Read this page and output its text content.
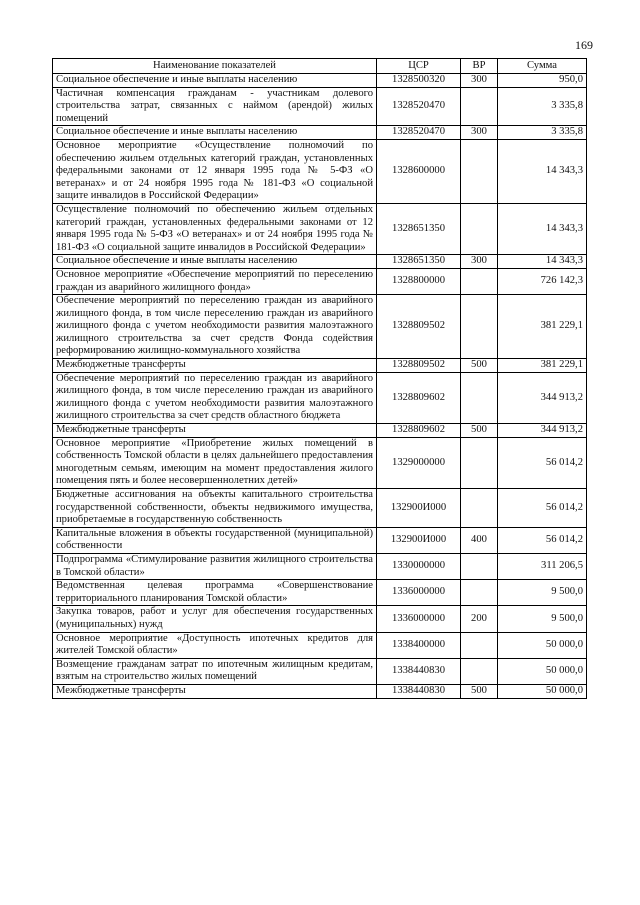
169
Наименование показателей	ЦСР	ВР	Сумма
Социальное обеспечение и иные выплаты населению	1328500320	300	950,0
Частичная компенсация гражданам - участникам долевого строительства затрат, связанных с наймом (арендой) жилых помещений	1328520470		3 335,8
Социальное обеспечение и иные выплаты населению	1328520470	300	3 335,8
Основное мероприятие «Осуществление полномочий по обеспечению жильем отдельных категорий граждан, установленных федеральными законами от 12 января 1995 года № 5-ФЗ «О ветеранах» и от 24 ноября 1995 года № 181-ФЗ «О социальной защите инвалидов в Российской Федерации»	1328600000		14 343,3
Осуществление полномочий по обеспечению жильем отдельных категорий граждан, установленных федеральными законами от 12 января 1995 года № 5-ФЗ «О ветеранах» и от 24 ноября 1995 года № 181-ФЗ «О социальной защите инвалидов в Российской Федерации»	1328651350		14 343,3
Социальное обеспечение и иные выплаты населению	1328651350	300	14 343,3
Основное мероприятие «Обеспечение мероприятий по переселению граждан из аварийного жилищного фонда»	1328800000		726 142,3
Обеспечение мероприятий по переселению граждан из аварийного жилищного фонда, в том числе переселению граждан из аварийного жилищного фонда с учетом необходимости развития малоэтажного жилищного строительства за счет средств Фонда содействия реформированию жилищно-коммунального хозяйства	1328809502		381 229,1
Межбюджетные трансферты	1328809502	500	381 229,1
Обеспечение мероприятий по переселению граждан из аварийного жилищного фонда, в том числе переселению граждан из аварийного жилищного фонда с учетом необходимости развития малоэтажного жилищного строительства за счет средств областного бюджета	1328809602		344 913,2
Межбюджетные трансферты	1328809602	500	344 913,2
Основное мероприятие «Приобретение жилых помещений в собственность Томской области в целях дальнейшего предоставления многодетным семьям, имеющим на момент предоставления жилого помещения пять и более несовершеннолетних детей»	1329000000		56 014,2
Бюджетные ассигнования на объекты капитального строительства государственной собственности, объекты недвижимого имущества, приобретаемые в государственную собственность	132900И000		56 014,2
Капитальные вложения в объекты государственной (муниципальной) собственности	132900И000	400	56 014,2
Подпрограмма «Стимулирование развития жилищного строительства в Томской области»	1330000000		311 206,5
Ведомственная целевая программа «Совершенствование территориального планирования Томской области»	1336000000		9 500,0
Закупка товаров, работ и услуг для обеспечения государственных (муниципальных) нужд	1336000000	200	9 500,0
Основное мероприятие «Доступность ипотечных кредитов для жителей Томской области»	1338400000		50 000,0
Возмещение гражданам затрат по ипотечным жилищным кредитам, взятым на строительство жилых помещений	1338440830		50 000,0
Межбюджетные трансферты	1338440830	500	50 000,0
